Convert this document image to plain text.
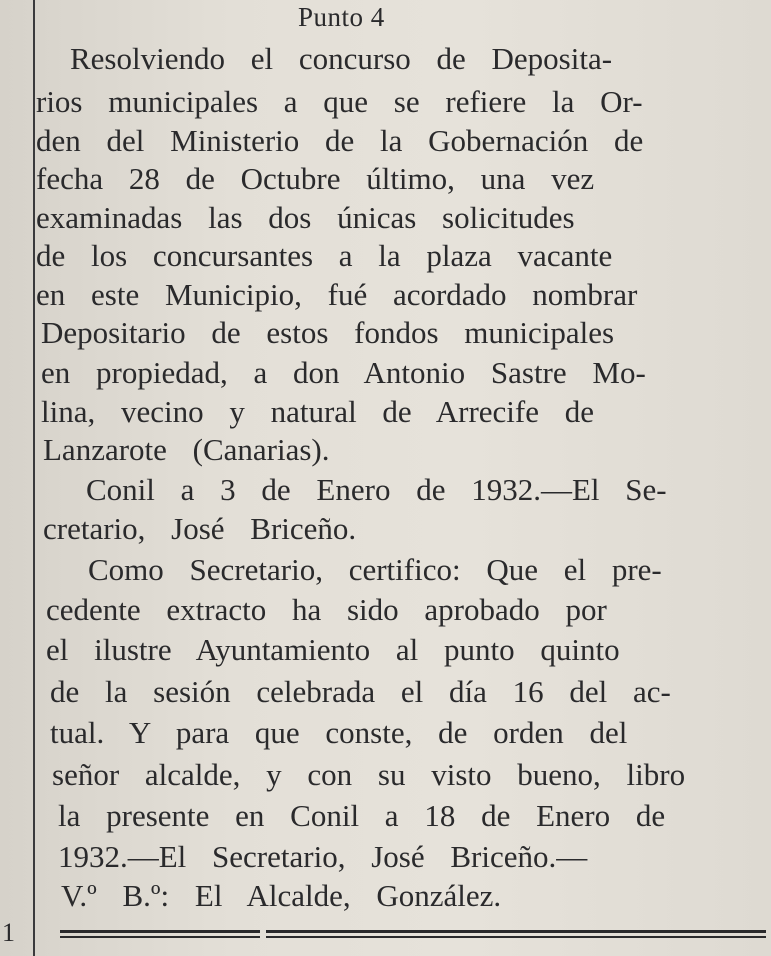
1
Punto 4
Resolviendo el concurso de Deposita-
rios municipales a que se refiere la Or-
den del Ministerio de la Gobernación de
fecha 28 de Octubre último, una vez
examinadas las dos únicas solicitudes
de los concursantes a la plaza vacante
en este Municipio, fué acordado nombrar
Depositario de estos fondos municipales
en propiedad, a don Antonio Sastre Mo-
lina, vecino y natural de Arrecife de
Lanzarote (Canarias).
Conil a 3 de Enero de 1932.—El Se-
cretario, José Briceño.
Como Secretario, certifico: Que el pre-
cedente extracto ha sido aprobado por
el ilustre Ayuntamiento al punto quinto
de la sesión celebrada el día 16 del ac-
tual. Y para que conste, de orden del
señor alcalde, y con su visto bueno, libro
la presente en Conil a 18 de Enero de
1932.—El Secretario, José Briceño.—
V.º B.º: El Alcalde, González.
